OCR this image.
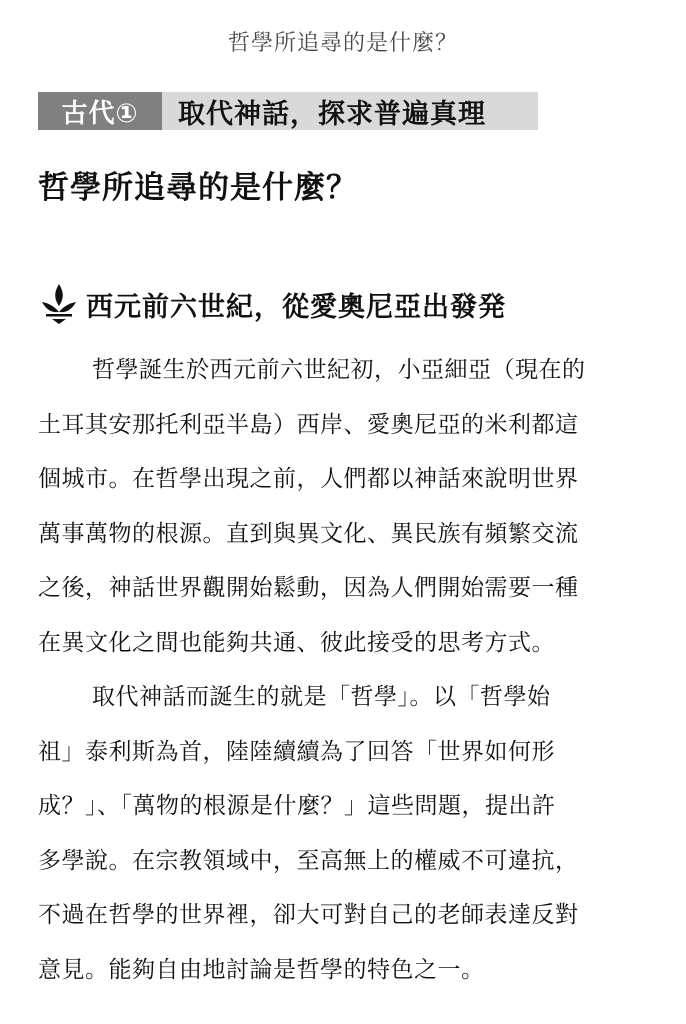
哲學所追尋的是什麼？
古代①	取代神話，探求普遍真理
哲學所追尋的是什麼？
西元前六世紀，從愛奧尼亞出發発
哲學誕生於西元前六世紀初，小亞細亞（現在的
土耳其安那托利亞半島）西岸、愛奧尼亞的米利都這
個城市。在哲學出現之前，人們都以神話來說明世界
萬事萬物的根源。直到與異文化、異民族有頻繁交流
之後，神話世界觀開始鬆動，因為人們開始需要一種
在異文化之間也能夠共通、彼此接受的思考方式。
取代神話而誕生的就是「哲學」。以「哲學始
祖」泰利斯為首，陸陸續續為了回答「世界如何形
成？」、「萬物的根源是什麼？」這些問題，提出許
多學說。在宗教領域中，至高無上的權威不可違抗，
不過在哲學的世界裡，卻大可對自己的老師表達反對
意見。能夠自由地討論是哲學的特色之一。
